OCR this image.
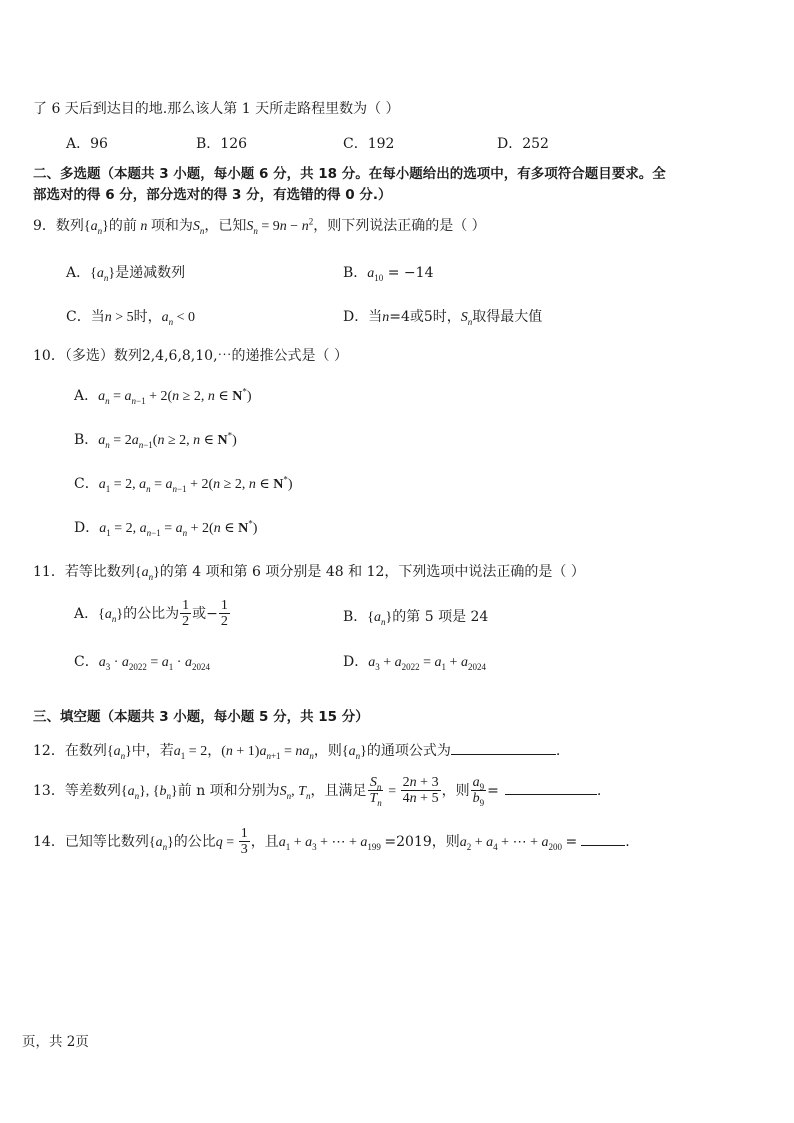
了 6 天后到达目的地.那么该人第 1 天所走路程里数为（ ）
A．96	B．126	C．192	D．252
二、多选题（本题共 3 小题，每小题 6 分，共 18 分。在每小题给出的选项中，有多项符合题目要求。全
部选对的得 6 分，部分选对的得 3 分，有选错的得 0 分.）
9．数列$\{a_n\}$的前 n 项和为$S_n$，已知$S_n = 9n - n^2$，则下列说法正确的是（ ）
A．$\{a_n\}$是递减数列	B．$a_{10} = -14$
C．当n > 5时，$a_n < 0$	D．当n=4或5时，$S_n$取得最大值
10．（多选）数列2,4,6,8,10,⋯的递推公式是（ ）
A．$a_n = a_{n-1} + 2(n \ge 2$, n ∈ N*)
B．$a_n = 2a_{n-1}(n \ge 2$, n ∈ N*)
C．$a_1 = 2$, $a_n = a_{n-1} + 2(n \ge 2$, n ∈ N*)
D．$a_1 = 2$, $a_{n-1} = a_n + 2(n$ ∈ N*)
11．若等比数列$\{a_n\}$的第 4 项和第 6 项分别是 48 和 12，下列选项中说法正确的是（ ）
A．$\{a_n\}$的公比为 $\frac{1}{2}$ 或− $\frac{1}{2}$	B．$\{a_n\}$的第 5 项是 24
C．$a_3 \cdot a_{2022} = a_1 \cdot a_{2024}$	D．$a_3 + a_{2022} = a_1 + a_{2024}$
三、填空题（本题共 3 小题，每小题 5 分，共 15 分）
12．在数列$\{a_n\}$中，若$a_1 = 2$，$(n + 1)a_{n+1} = na_n$，则$\{a_n\}$的通项公式为	.
13．等差数列$\{a_n\}$, $\{b_n\}$前 n 项和分别为$S_n$, $T_n$，且满足 $\frac{S_n}{T_n} = \frac{2n + 3}{4n + 5}$ ，则 $\frac{a_9}{b_9}$ =	.
14．已知等比数列$\{a_n\}$的公比$q = \frac{1}{3}$ ，且$a_1 + a_3$ + ⋯ + $a_{199} =2019$，则$a_2 + a_4$ + ⋯ + $a_{200}$ =	.
页，共 2页
